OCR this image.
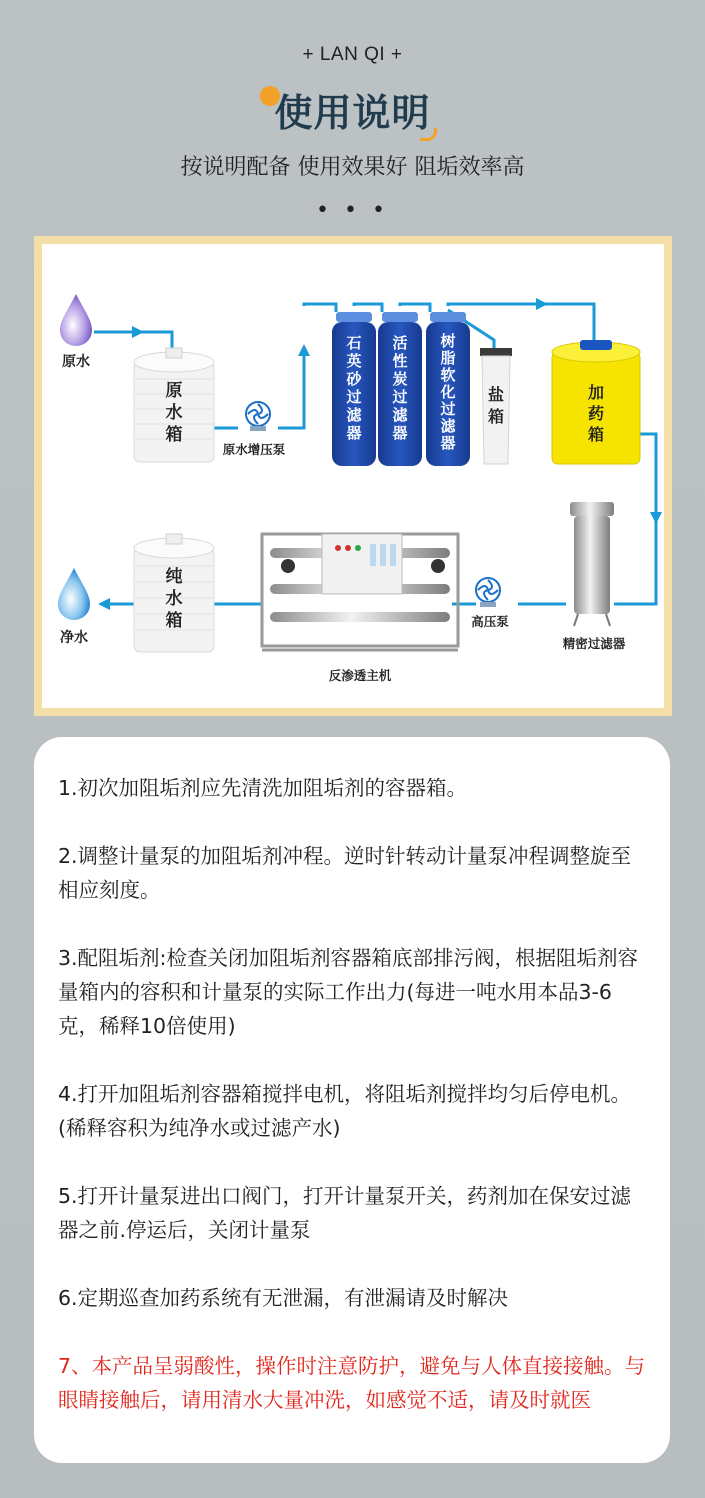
+ LAN QI +
使用说明
按说明配备 使用效果好 阻垢效率高
• • •
原水
原
水
箱
原水增压泵
石
英
砂
过
滤
器
活
性
炭
过
滤
器
树
脂
软
化
过
滤
器
盐
箱
加
药
箱
精密过滤器
高压泵
反渗透主机
纯
水
箱
净水

1.初次加阻垢剂应先清洗加阻垢剂的容器箱。

2.调整计量泵的加阻垢剂冲程。逆时针转动计量泵冲程调整旋至相应刻度。

3.配阻垢剂:检查关闭加阻垢剂容器箱底部排污阀，根据阻垢剂容量箱内的容积和计量泵的实际工作出力(每进一吨水用本品3-6克，稀释10倍使用)

4.打开加阻垢剂容器箱搅拌电机，将阻垢剂搅拌均匀后停电机。(稀释容积为纯净水或过滤产水)

5.打开计量泵进出口阀门，打开计量泵开关，药剂加在保安过滤器之前.停运后，关闭计量泵

6.定期巡查加药系统有无泄漏，有泄漏请及时解决

7、本产品呈弱酸性，操作时注意防护，避免与人体直接接触。与眼睛接触后，请用清水大量冲洗，如感觉不适，请及时就医
